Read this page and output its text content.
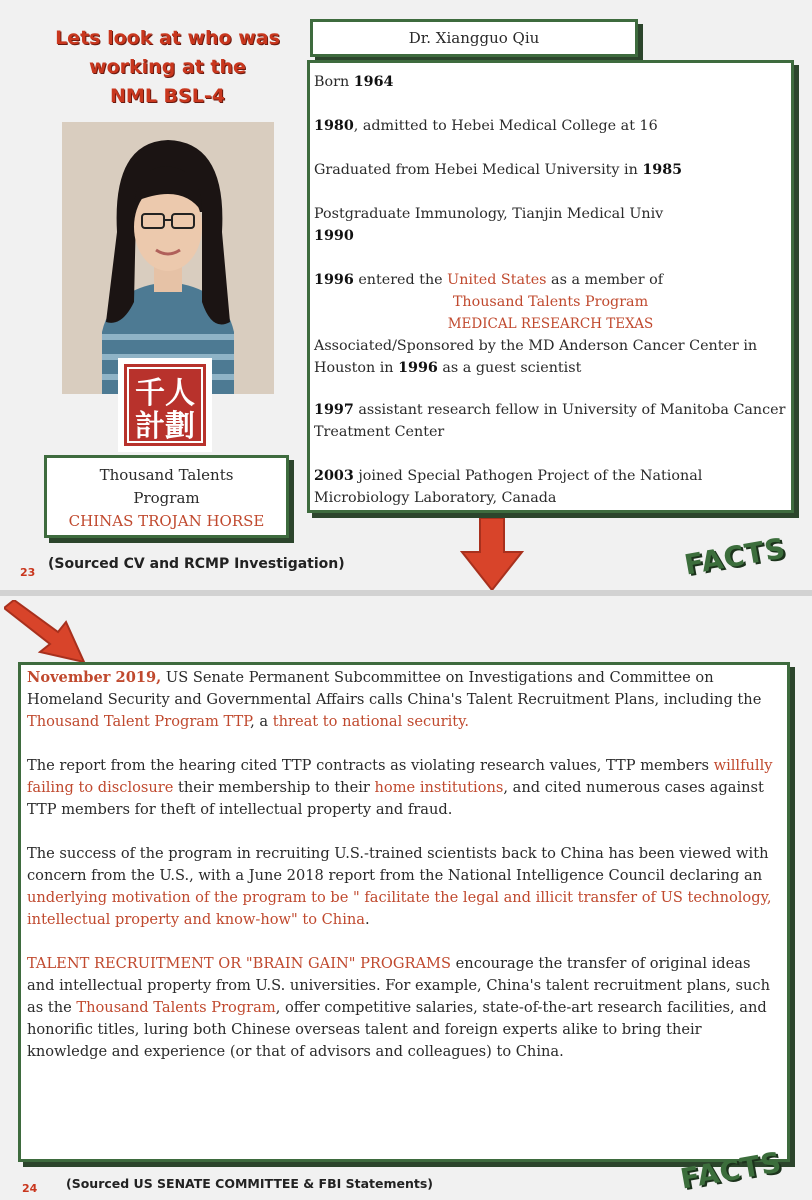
Lets look at who was
working at the
NML BSL-4
千人
計劃
Dr. Xiangguo Qiu

Born 1964

1980, admitted to Hebei Medical College at 16

Graduated from Hebei Medical University in 1985

Postgraduate Immunology, Tianjin Medical Univ
1990

1996 entered the United States as a member of

Thousand Talents Program

MEDICAL RESEARCH TEXAS

Associated/Sponsored by the MD Anderson Cancer Center in Houston in 1996 as a guest scientist

1997 assistant research fellow in University of Manitoba Cancer Treatment Center

2003 joined Special Pathogen Project of the National Microbiology Laboratory, Canada

Thousand Talents
Program
CHINAS TROJAN HORSE
23
(Sourced CV and RCMP Investigation)	FACTS

November 2019, US Senate Permanent Subcommittee on Investigations and Committee on Homeland Security and Governmental Affairs calls China's Talent Recruitment Plans, including the Thousand Talent Program TTP, a threat to national security.

The report from the hearing cited TTP contracts as violating research values, TTP members willfully failing to disclosure their membership to their home institutions, and cited numerous cases against TTP members for theft of intellectual property and fraud.

The success of the program in recruiting U.S.-trained scientists back to China has been viewed with concern from the U.S., with a June 2018 report from the National Intelligence Council declaring an underlying motivation of the program to be " facilitate the legal and illicit transfer of US technology, intellectual property and know-how" to China.

TALENT RECRUITMENT OR "BRAIN GAIN" PROGRAMS encourage the transfer of original ideas and intellectual property from U.S. universities. For example, China's talent recruitment plans, such as the Thousand Talents Program, offer competitive salaries, state-of-the-art research facilities, and honorific titles, luring both Chinese overseas talent and foreign experts alike to bring their knowledge and experience (or that of advisors and colleagues) to China.

24 (Sourced US SENATE COMMITTEE & FBI Statements)	FACTS
